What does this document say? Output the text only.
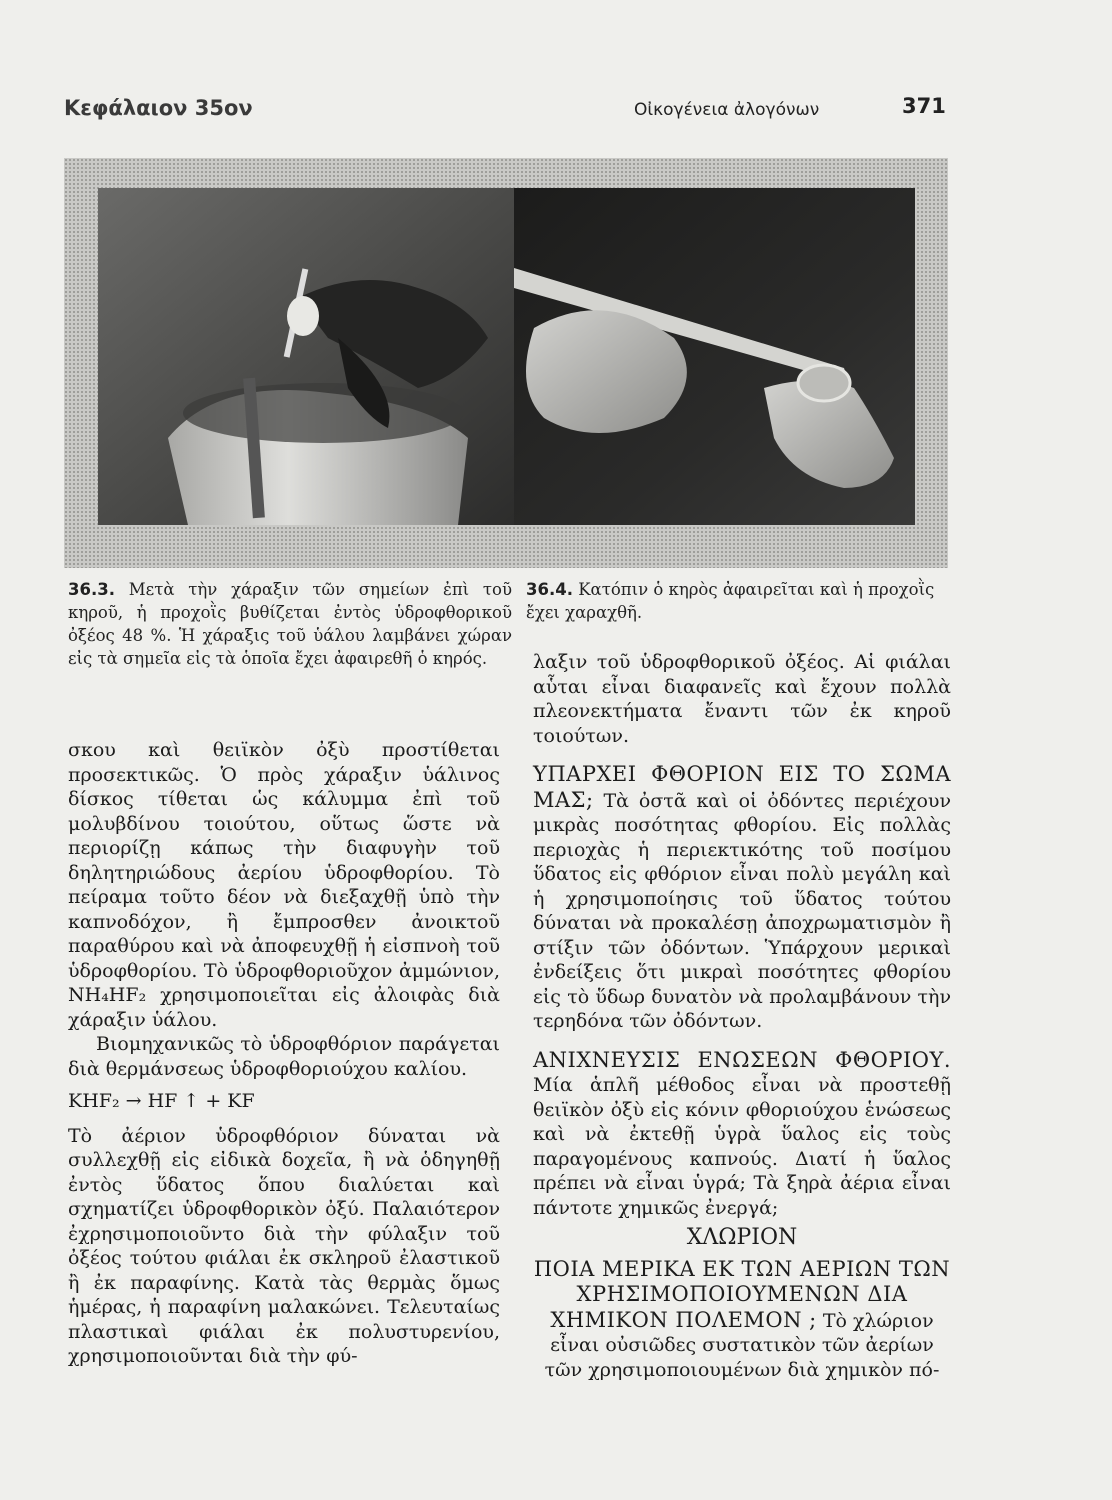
Κεφάλαιον 35ον	Οἰκογένεια ἀλογόνων	371
36.3. Μετὰ τὴν χάραξιν τῶν σημείων ἐπὶ τοῦ κηροῦ, ἡ προχοῒς βυθίζεται ἐντὸς ὑδροφθορικοῦ ὀξέος 48 %. Ἡ χάραξις τοῦ ὑάλου λαμβάνει χώραν εἰς τὰ σημεῖα εἰς τὰ ὁποῖα ἔχει ἀφαιρεθῆ ὁ κηρός.
36.4. Κατόπιν ὁ κηρὸς ἀφαιρεῖται καὶ ἡ προχοῒς ἔχει χαραχθῆ.

σκου καὶ θειϊκὸν ὀξὺ προστίθεται προσεκτικῶς. Ὁ πρὸς χάραξιν ὑάλινος δίσκος τίθεται ὡς κάλυμμα ἐπὶ τοῦ μολυβδίνου τοιούτου, οὕτως ὥστε νὰ περιορίζῃ κάπως τὴν διαφυγὴν τοῦ δηλητηριώδους ἀερίου ὑδροφθορίου. Τὸ πείραμα τοῦτο δέον νὰ διεξαχθῇ ὑπὸ τὴν καπνοδόχον, ἢ ἔμπροσθεν ἀνοικτοῦ παραθύρου καὶ νὰ ἀποφευχθῇ ἡ εἰσπνοὴ τοῦ ὑδροφθορίου. Τὸ ὑδροφθοριοῦχον ἀμμώνιον, NH₄HF₂ χρησιμοποιεῖται εἰς ἀλοιφὰς διὰ χάραξιν ὑάλου.

Βιομηχανικῶς τὸ ὑδροφθόριον παράγεται διὰ θερμάνσεως ὑδροφθοριούχου καλίου.

KHF₂ → HF ↑ + KF

Τὸ ἀέριον ὑδροφθόριον δύναται νὰ συλλεχθῇ εἰς εἰδικὰ δοχεῖα, ἢ νὰ ὁδηγηθῇ ἐντὸς ὕδατος ὅπου διαλύεται καὶ σχηματίζει ὑδροφθορικὸν ὀξύ. Παλαιότερον ἐχρησιμοποιοῦντο διὰ τὴν φύλαξιν τοῦ ὀξέος τούτου φιάλαι ἐκ σκληροῦ ἐλαστικοῦ ἢ ἐκ παραφίνης. Κατὰ τὰς θερμὰς ὅμως ἡμέρας, ἡ παραφίνη μαλακώνει. Τελευταίως πλαστικαὶ φιάλαι ἐκ πολυστυρενίου, χρησιμοποιοῦνται διὰ τὴν φύ-

λαξιν τοῦ ὑδροφθορικοῦ ὀξέος. Αἱ φιάλαι αὗται εἶναι διαφανεῖς καὶ ἔχουν πολλὰ πλεονεκτήματα ἔναντι τῶν ἐκ κηροῦ τοιούτων.

ΥΠΑΡΧΕΙ ΦΘΟΡΙΟΝ ΕΙΣ ΤΟ ΣΩΜΑ ΜΑΣ; Τὰ ὀστᾶ καὶ οἱ ὀδόντες περιέχουν μικρὰς ποσότητας φθορίου. Εἰς πολλὰς περιοχὰς ἡ περιεκτικότης τοῦ ποσίμου ὕδατος εἰς φθόριον εἶναι πολὺ μεγάλη καὶ ἡ χρησιμοποίησις τοῦ ὕδατος τούτου δύναται νὰ προκαλέσῃ ἀποχρωματισμὸν ἢ στίξιν τῶν ὀδόντων. Ὑπάρχουν μερικαὶ ἐνδείξεις ὅτι μικραὶ ποσότητες φθορίου εἰς τὸ ὕδωρ δυνατὸν νὰ προλαμβάνουν τὴν τερηδόνα τῶν ὀδόντων.

ΑΝΙΧΝΕΥΣΙΣ ΕΝΩΣΕΩΝ ΦΘΟΡΙΟΥ. Μία ἁπλῆ μέθοδος εἶναι νὰ προστεθῇ θειϊκὸν ὀξὺ εἰς κόνιν φθοριούχου ἑνώσεως καὶ νὰ ἐκτεθῇ ὑγρὰ ὕαλος εἰς τοὺς παραγομένους καπνούς. Διατί ἡ ὕαλος πρέπει νὰ εἶναι ὑγρά; Τὰ ξηρὰ ἀέρια εἶναι πάντοτε χημικῶς ἐνεργά;

ΧΛΩΡΙΟΝ

ΠΟΙΑ ΜΕΡΙΚΑ ΕΚ ΤΩΝ ΑΕΡΙΩΝ ΤΩΝ ΧΡΗΣΙΜΟΠΟΙΟΥΜΕΝΩΝ ΔΙΑ ΧΗΜΙΚΟΝ ΠΟΛΕΜΟΝ ; Τὸ χλώριον εἶναι οὐσιῶδες συστατικὸν τῶν ἀερίων τῶν χρησιμοποιουμένων διὰ χημικὸν πό-
